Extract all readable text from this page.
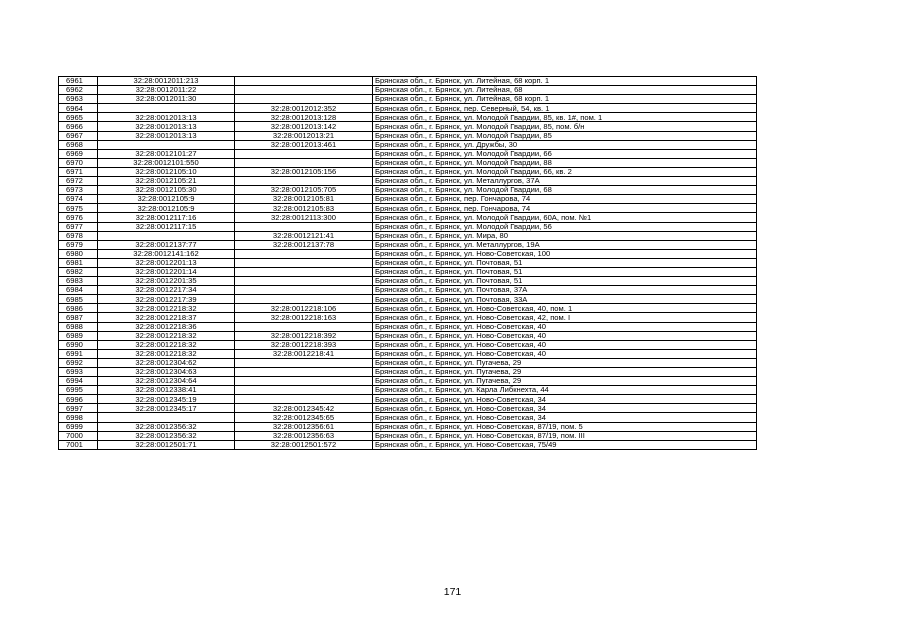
6961	32:28:0012011:213		Брянская обл., г. Брянск, ул. Литейная, 68 корп. 1
6962	32:28:0012011:22		Брянская обл., г. Брянск, ул. Литейная, 68
6963	32:28:0012011:30		Брянская обл., г. Брянск, ул. Литейная, 68 корп. 1
6964		32:28:0012012:352	Брянская обл., г. Брянск, пер. Северный, 54, кв. 1
6965	32:28:0012013:13	32:28:0012013:128	Брянская обл., г. Брянск, ул. Молодой Гвардии, 85, кв. 1#, пом. 1
6966	32:28:0012013:13	32:28:0012013:142	Брянская обл., г. Брянск, ул. Молодой Гвардии, 85, пом. б/н
6967	32:28:0012013:13	32:28:0012013:21	Брянская обл., г. Брянск, ул. Молодой Гвардии, 85
6968		32:28:0012013:461	Брянская обл., г. Брянск, ул. Дружбы, 30
6969	32:28:0012101:27		Брянская обл., г. Брянск, ул. Молодой Гвардии, 66
6970	32:28:0012101:550		Брянская обл., г. Брянск, ул. Молодой Гвардии, 88
6971	32:28:0012105:10	32:28:0012105:156	Брянская обл., г. Брянск, ул. Молодой Гвардии, 66, кв. 2
6972	32:28:0012105:21		Брянская обл., г. Брянск, ул. Металлургов, 37А
6973	32:28:0012105:30	32:28:0012105:705	Брянская обл., г. Брянск, ул. Молодой Гвардии, 68
6974	32:28:0012105:9	32:28:0012105:81	Брянская обл., г. Брянск, пер. Гончарова, 74
6975	32:28:0012105:9	32:28:0012105:83	Брянская обл., г. Брянск, пер. Гончарова, 74
6976	32:28:0012117:16	32:28:0012113:300	Брянская обл., г. Брянск, ул. Молодой Гвардии, 60А, пом. №1
6977	32:28:0012117:15		Брянская обл., г. Брянск, ул. Молодой Гвардии, 56
6978		32:28:0012121:41	Брянская обл., г. Брянск, ул. Мира, 80
6979	32:28:0012137:77	32:28:0012137:78	Брянская обл., г. Брянск, ул. Металлургов, 19А
6980	32:28:0012141:162		Брянская обл., г. Брянск, ул. Ново-Советская, 100
6981	32:28:0012201:13		Брянская обл., г. Брянск, ул. Почтовая, 51
6982	32:28:0012201:14		Брянская обл., г. Брянск, ул. Почтовая, 51
6983	32:28:0012201:35		Брянская обл., г. Брянск, ул. Почтовая, 51
6984	32:28:0012217:34		Брянская обл., г. Брянск, ул. Почтовая, 37А
6985	32:28:0012217:39		Брянская обл., г. Брянск, ул. Почтовая, 33А
6986	32:28:0012218:32	32:28:0012218:106	Брянская обл., г. Брянск, ул. Ново-Советская, 40, пом. 1
6987	32:28:0012218:37	32:28:0012218:163	Брянская обл., г. Брянск, ул. Ново-Советская, 42, пом. I
6988	32:28:0012218:36		Брянская обл., г. Брянск, ул. Ново-Советская, 40
6989	32:28:0012218:32	32:28:0012218:392	Брянская обл., г. Брянск, ул. Ново-Советская, 40
6990	32:28:0012218:32	32:28:0012218:393	Брянская обл., г. Брянск, ул. Ново-Советская, 40
6991	32:28:0012218:32	32:28:0012218:41	Брянская обл., г. Брянск, ул. Ново-Советская, 40
6992	32:28:0012304:62		Брянская обл., г. Брянск, ул. Пугачева, 29
6993	32:28:0012304:63		Брянская обл., г. Брянск, ул. Пугачева, 29
6994	32:28:0012304:64		Брянская обл., г. Брянск, ул. Пугачева, 29
6995	32:28:0012338:41		Брянская обл., г. Брянск, ул. Карла Либкнехта, 44
6996	32:28:0012345:19		Брянская обл., г. Брянск, ул. Ново-Советская, 34
6997	32:28:0012345:17	32:28:0012345:42	Брянская обл., г. Брянск, ул. Ново-Советская, 34
6998		32:28:0012345:65	Брянская обл., г. Брянск, ул. Ново-Советская, 34
6999	32:28:0012356:32	32:28:0012356:61	Брянская обл., г. Брянск, ул. Ново-Советская, 87/19, пом. 5
7000	32:28:0012356:32	32:28:0012356:63	Брянская обл., г. Брянск, ул. Ново-Советская, 87/19, пом. III
7001	32:28:0012501:71	32:28:0012501:572	Брянская обл., г. Брянск, ул. Ново-Советская, 75/49
171
